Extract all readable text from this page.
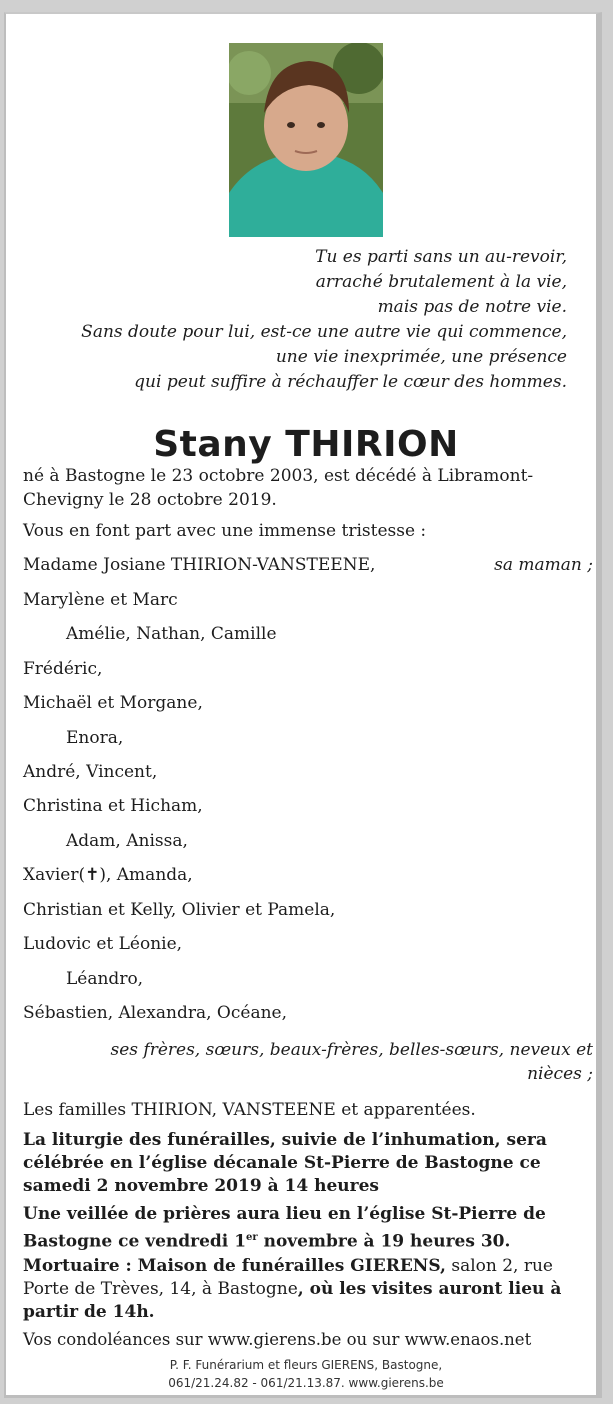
Tu es parti sans un au-revoir,
arraché brutalement à la vie,
mais pas de notre vie.
Sans doute pour lui, est-ce une autre vie qui commence,
une vie inexprimée, une présence
qui peut suffire à réchauffer le cœur des hommes.
Stany THIRION
né à Bastogne le 23 octobre 2003, est décédé à Libramont-
Chevigny le 28 octobre 2019.
Vous en font part avec une immense tristesse :
Madame Josiane THIRION-VANSTEENE,	sa maman ;
Marylène et Marc
Amélie, Nathan, Camille
Frédéric,
Michaël et Morgane,
Enora,
André, Vincent,
Christina et Hicham,
Adam, Anissa,
Xavier(✝), Amanda,
Christian et Kelly, Olivier et Pamela,
Ludovic et Léonie,
Léandro,
Sébastien, Alexandra, Océane,
ses frères, sœurs, beaux-frères, belles-sœurs, neveux et
nièces ;
Les familles THIRION, VANSTEENE et apparentées.
La liturgie des funérailles, suivie de l’inhumation, sera célébrée en l’église décanale St-Pierre de Bastogne ce samedi 2 novembre 2019 à 14 heures
Une veillée de prières aura lieu en l’église St-Pierre de Bastogne ce vendredi 1er novembre à 19 heures 30.
Mortuaire : Maison de funérailles GIERENS, salon 2, rue Porte de Trèves, 14, à Bastogne, où les visites auront lieu à partir de 14h.
Vos condoléances sur www.gierens.be ou sur www.enaos.net
P. F. Funérarium et fleurs GIERENS, Bastogne,
061/21.24.82 - 061/21.13.87. www.gierens.be
